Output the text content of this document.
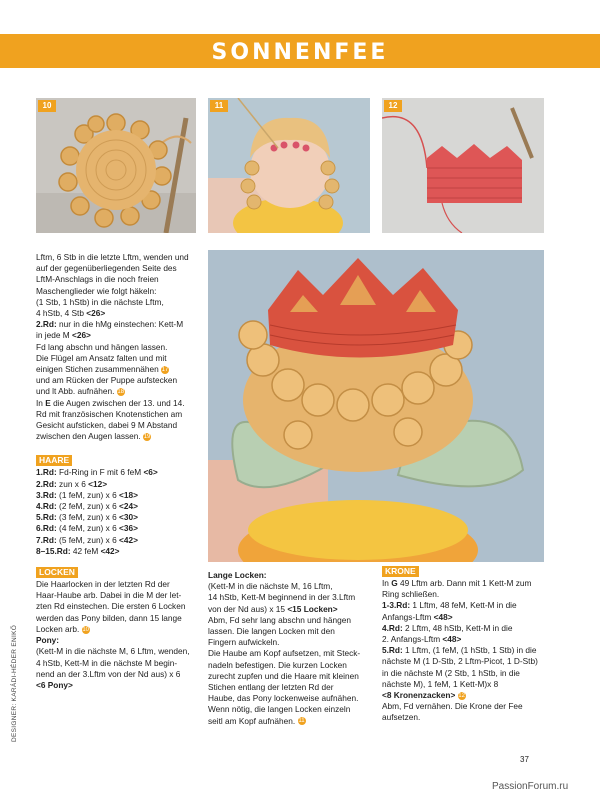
SONNENFEE
10	11	12

Lftm, 6 Stb in die letzte Lftm, wenden und

auf der gegenüberliegenden Seite des

LftM-Anschlags in die noch freien

Maschenglieder wie folgt häkeln:

(1 Stb, 1 hStb) in die nächste Lftm,

4 hStb, 4 Stb <26>

2.Rd: nur in die hMg einstechen: Kett-M

in jede M <26>

Fd lang abschn und hängen lassen.

Die Flügel am Ansatz falten und mit

einigen Stichen zusammennähen 17

und am Rücken der Puppe aufstecken

und lt Abb. aufnähen. 18

In E die Augen zwischen der 13. und 14.

Rd mit französischen Knotenstichen am

Gesicht aufsticken, dabei 9 M Abstand

zwischen den Augen lassen. 19

HAARE

1.Rd: Fd-Ring in F mit 6 feM <6>

2.Rd: zun x 6 <12>

3.Rd: (1 feM, zun) x 6 <18>

4.Rd: (2 feM, zun) x 6 <24>

5.Rd: (3 feM, zun) x 6 <30>

6.Rd: (4 feM, zun) x 6 <36>

7.Rd: (5 feM, zun) x 6 <42>

8–15.Rd: 42 feM <42>

LOCKEN

Die Haarlocken in der letzten Rd der

Haar-Haube arb. Dabei in die M der let-

zten Rd einstechen. Die ersten 6 Locken

werden das Pony bilden, dann 15 lange

Locken arb. 10

Pony:

(Kett-M in die nächste M, 6 Lftm, wenden,

4 hStb, Kett-M in die nächste M begin-

nend an der 3.Lftm von der Nd aus) x 6

<6 Pony>

Lange Locken:

(Kett-M in die nächste M, 16 Lftm,

14 hStb, Kett-M beginnend in der 3.Lftm

von der Nd aus) x 15 <15 Locken>

Abm, Fd sehr lang abschn und hängen

lassen. Die langen Locken mit den

Fingern aufwickeln.

Die Haube am Kopf aufsetzen, mit Steck-

nadeln befestigen. Die kurzen Locken

zurecht zupfen und die Haare mit kleinen

Stichen entlang der letzten Rd der

Haube, das Pony lockenweise aufnähen.

Wenn nötig, die langen Locken einzeln

seitl am Kopf aufnähen. 11

KRONE

In G 49 Lftm arb. Dann mit 1 Kett-M zum

Ring schließen.

1-3.Rd: 1 Lftm, 48 feM, Kett-M in die

Anfangs-Lftm <48>

4.Rd: 2 Lftm, 48 hStb, Kett-M in die

2. Anfangs-Lftm <48>

5.Rd: 1 Lftm, (1 feM, (1 hStb, 1 Stb) in die

nächste M (1 D-Stb, 2 Lftm-Picot, 1 D-Stb)

in die nächste M (2 Stb, 1 hStb, in die

nächste M), 1 feM, 1 Kett-M)x 8

<8 Kronenzacken> 12

Abm, Fd vernähen. Die Krone der Fee

aufsetzen.

DESIGNER: KARÁDI-HÉDER ENIKŐ
37
PassionForum.ru
